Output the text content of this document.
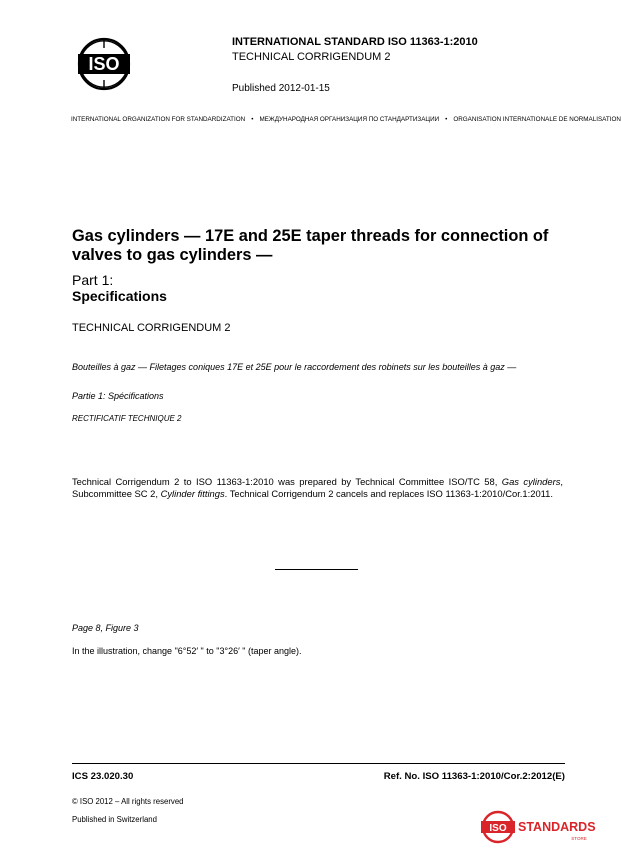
ISO
INTERNATIONAL STANDARD ISO 11363-1:2010
TECHNICAL CORRIGENDUM 2
Published 2012-01-15
INTERNATIONAL ORGANIZATION FOR STANDARDIZATION • МЕЖДУНАРОДНАЯ ОРГАНИЗАЦИЯ ПО СТАНДАРТИЗАЦИИ • ORGANISATION INTERNATIONALE DE NORMALISATION
Gas cylinders — 17E and 25E taper threads for connection of valves to gas cylinders —
Part 1:
Specifications
TECHNICAL CORRIGENDUM 2
Bouteilles à gaz — Filetages coniques 17E et 25E pour le raccordement des robinets sur les bouteilles à gaz —
Partie 1: Spécifications
RECTIFICATIF TECHNIQUE 2
Technical Corrigendum 2 to ISO 11363-1:2010 was prepared by Technical Committee ISO/TC 58, Gas cylinders, Subcommittee SC 2, Cylinder fittings. Technical Corrigendum 2 cancels and replaces ISO 11363-1:2010/Cor.1:2011.
Page 8, Figure 3
In the illustration, change "6°52′ " to "3°26′ " (taper angle).
ICS 23.020.30	Ref. No. ISO 11363-1:2010/Cor.2:2012(E)
© ISO 2012 – All rights reserved
Published in Switzerland
ISO STANDARDS
STORE
